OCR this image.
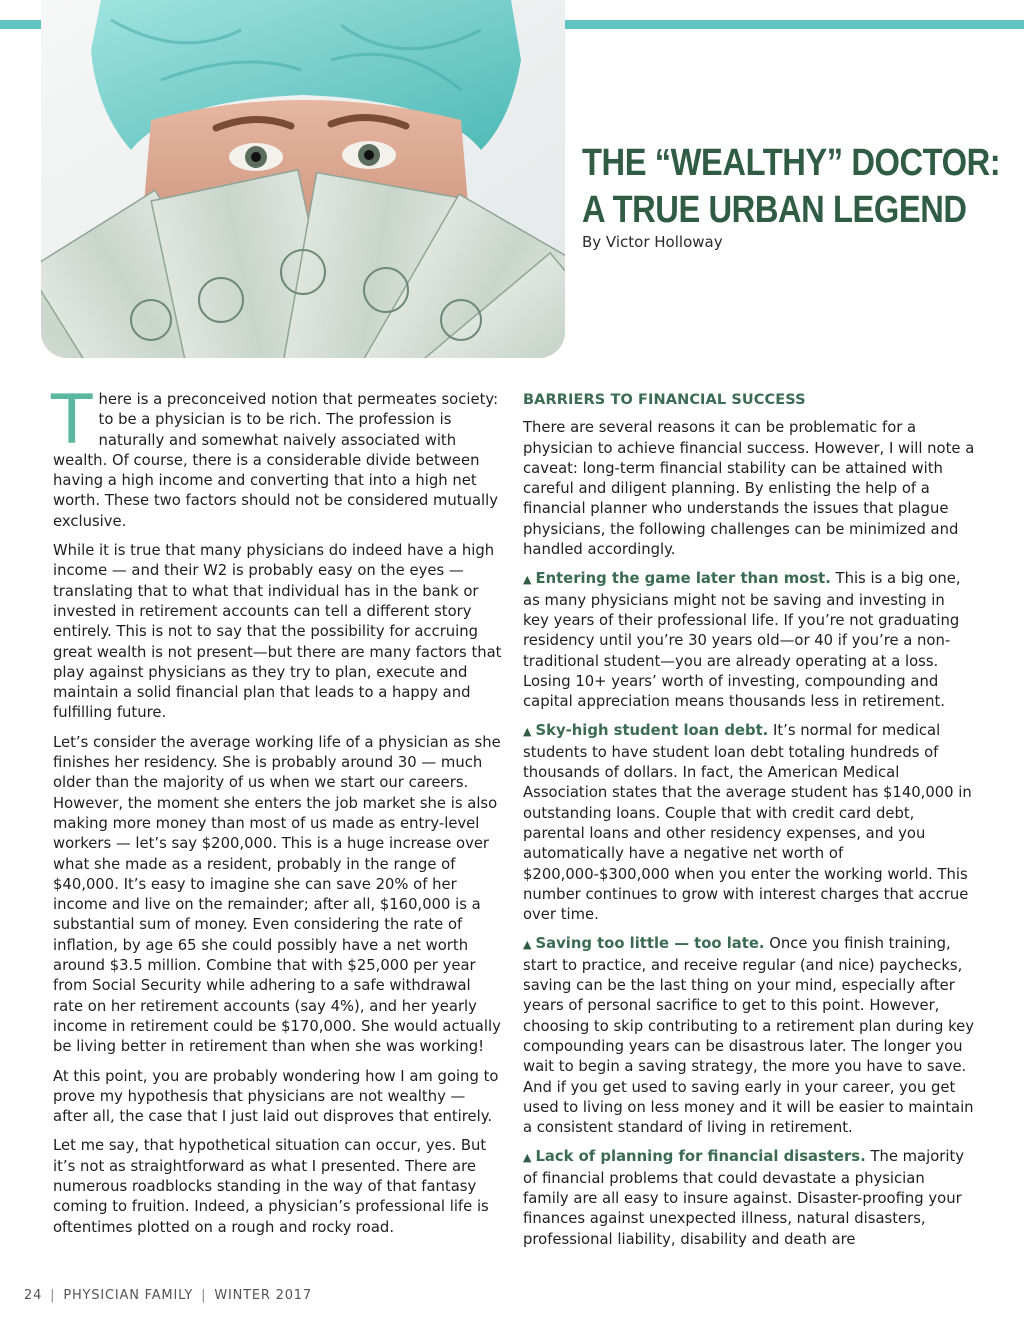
THE “WEALTHY” DOCTOR:
A TRUE URBAN LEGEND
By Victor Holloway

There is a preconceived notion that permeates society: to be a physician is to be rich. The profession is naturally and somewhat naively associated with wealth. Of course, there is a considerable divide between having a high income and converting that into a high net worth. These two factors should not be considered mutually exclusive.

While it is true that many physicians do indeed have a high income — and their W2 is probably easy on the eyes — translating that to what that individual has in the bank or invested in retirement accounts can tell a different story entirely. This is not to say that the possibility for accruing great wealth is not present—but there are many factors that play against physicians as they try to plan, execute and maintain a solid financial plan that leads to a happy and fulfilling future.

Let’s consider the average working life of a physician as she finishes her residency. She is probably around 30 — much older than the majority of us when we start our careers. However, the moment she enters the job market she is also making more money than most of us made as entry-level workers — let’s say $200,000. This is a huge increase over what she made as a resident, probably in the range of $40,000. It’s easy to imagine she can save 20% of her income and live on the remainder; after all, $160,000 is a substantial sum of money. Even considering the rate of inflation, by age 65 she could possibly have a net worth around $3.5 million. Combine that with $25,000 per year from Social Security while adhering to a safe withdrawal rate on her retirement accounts (say 4%), and her yearly income in retirement could be $170,000. She would actually be living better in retirement than when she was working!

At this point, you are probably wondering how I am going to prove my hypothesis that physicians are not wealthy — after all, the case that I just laid out disproves that entirely.

Let me say, that hypothetical situation can occur, yes. But it’s not as straightforward as what I presented. There are numerous roadblocks standing in the way of that fantasy coming to fruition. Indeed, a physician’s professional life is oftentimes plotted on a rough and rocky road.

BARRIERS TO FINANCIAL SUCCESS

There are several reasons it can be problematic for a physician to achieve financial success. However, I will note a caveat: long-term financial stability can be attained with careful and diligent planning. By enlisting the help of a financial planner who understands the issues that plague physicians, the following challenges can be minimized and handled accordingly.

▲ Entering the game later than most. This is a big one, as many physicians might not be saving and investing in key years of their professional life. If you’re not graduating residency until you’re 30 years old—or 40 if you’re a non-traditional student—you are already operating at a loss. Losing 10+ years’ worth of investing, compounding and capital appreciation means thousands less in retirement.

▲ Sky-high student loan debt. It’s normal for medical students to have student loan debt totaling hundreds of thousands of dollars. In fact, the American Medical Association states that the average student has $140,000 in outstanding loans. Couple that with credit card debt, parental loans and other residency expenses, and you automatically have a negative net worth of $200,000-$300,000 when you enter the working world. This number continues to grow with interest charges that accrue over time.

▲ Saving too little — too late. Once you finish training, start to practice, and receive regular (and nice) paychecks, saving can be the last thing on your mind, especially after years of personal sacrifice to get to this point. However, choosing to skip contributing to a retirement plan during key compounding years can be disastrous later. The longer you wait to begin a saving strategy, the more you have to save. And if you get used to saving early in your career, you get used to living on less money and it will be easier to maintain a consistent standard of living in retirement.

▲ Lack of planning for financial disasters. The majority of financial problems that could devastate a physician family are all easy to insure against. Disaster-proofing your finances against unexpected illness, natural disasters, professional liability, disability and death are

24 | PHYSICIAN FAMILY | WINTER 2017
